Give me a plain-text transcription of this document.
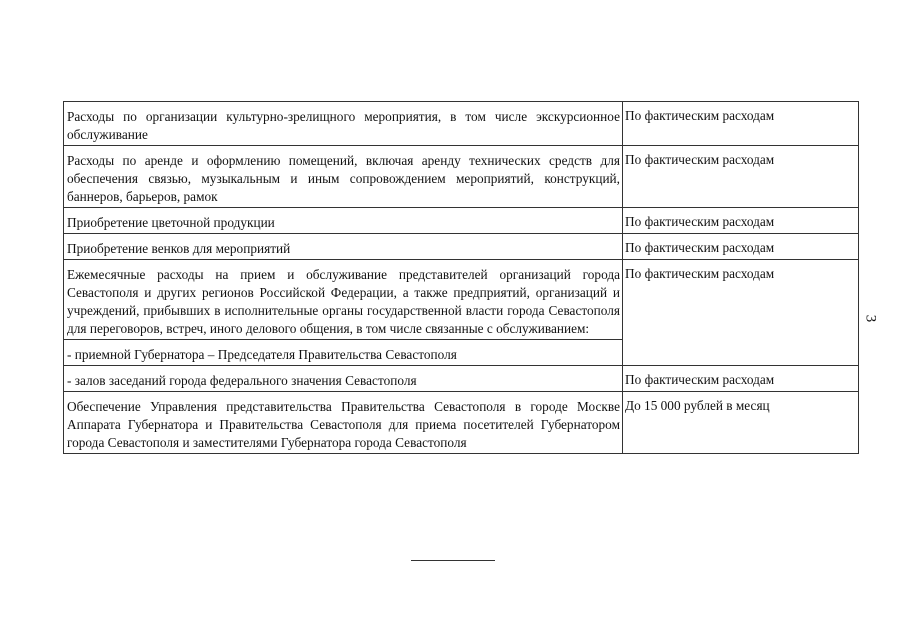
3
Расходы по организации культурно-зрелищного мероприятия, в том числе экскурсионное обслуживание	По фактическим расходам
Расходы по аренде и оформлению помещений, включая аренду технических средств для обеспечения связью, музыкальным и иным сопровождением мероприятий, конструкций, баннеров, барьеров, рамок	По фактическим расходам
Приобретение цветочной продукции	По фактическим расходам
Приобретение венков для мероприятий	По фактическим расходам
Ежемесячные расходы на прием и обслуживание представителей организаций города Севастополя и других регионов Российской Федерации, а также предприятий, организаций и учреждений, прибывших в исполнительные органы государственной власти города Севастополя для переговоров, встреч, иного делового общения, в том числе связанные с обслуживанием:	По фактическим расходам
- приемной Губернатора – Председателя Правительства Севастополя	
- залов заседаний города федерального значения Севастополя	По фактическим расходам
Обеспечение Управления представительства Правительства Севастополя в городе Москве Аппарата Губернатора и Правительства Севастополя для приема посетителей Губернатором города Севастополя и заместителями Губернатора города Севастополя	До 15 000 рублей в месяц
